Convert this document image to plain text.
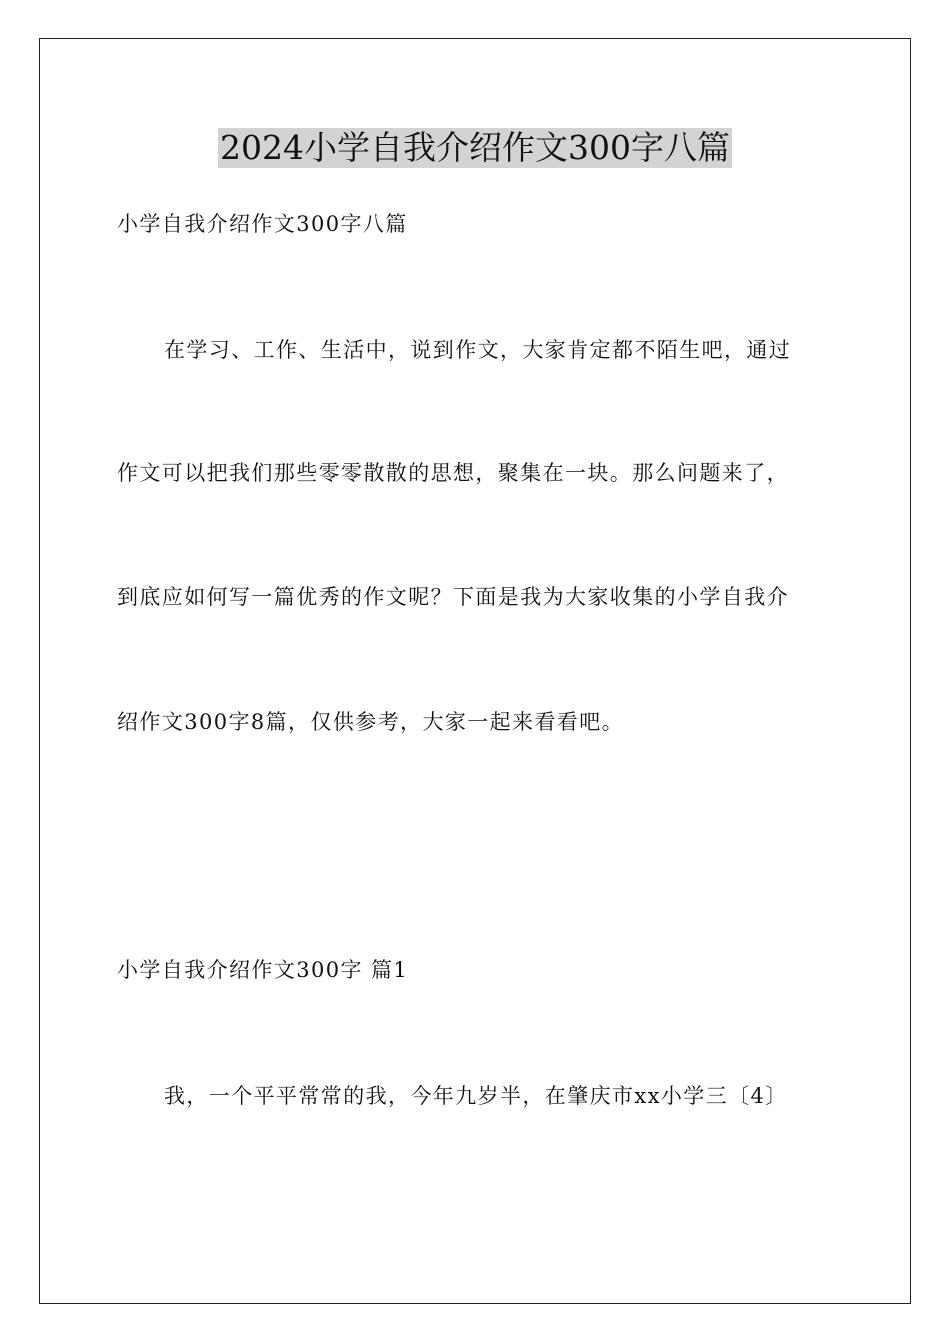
2024小学自我介绍作文300字八篇
小学自我介绍作文300字八篇
在学习、工作、生活中，说到作文，大家肯定都不陌生吧，通过
作文可以把我们那些零零散散的思想，聚集在一块。那么问题来了，
到底应如何写一篇优秀的作文呢？下面是我为大家收集的小学自我介
绍作文300字8篇，仅供参考，大家一起来看看吧。
小学自我介绍作文300字 篇1
我，一个平平常常的我，今年九岁半，在肇庆市xx小学三〔4〕
